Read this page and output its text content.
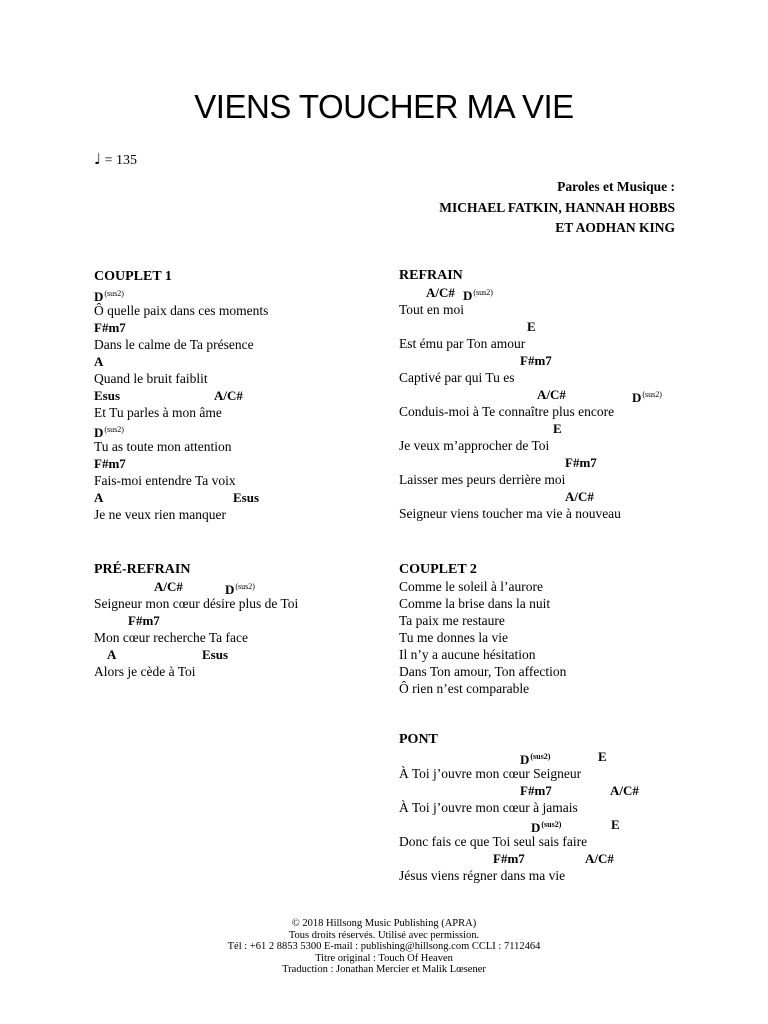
VIENS TOUCHER MA VIE
♩ = 135
Paroles et Musique :
MICHAEL FATKIN, HANNAH HOBBS
ET AODHAN KING
COUPLET 1
$D^{(sus2)}$
Ô quelle paix dans ces moments
F#m7
Dans le calme de Ta présence
A
Quand le bruit faiblit
Esus	A/C#
Et Tu parles à mon âme
$D^{(sus2)}$
Tu as toute mon attention
F#m7
Fais-moi entendre Ta voix
A	Esus
Je ne veux rien manquer
PRÉ-REFRAIN
A/C#	$D^{(sus2)}$
Seigneur mon cœur désire plus de Toi
F#m7
Mon cœur recherche Ta face
A	Esus
Alors je cède à Toi
REFRAIN
A/C# $D^{(sus2)}$
Tout en moi
E
Est ému par Ton amour
F#m7
Captivé par qui Tu es
A/C#	$D^{(sus2)}$
Conduis-moi à Te connaître plus encore
E
Je veux m’approcher de Toi
F#m7
Laisser mes peurs derrière moi
A/C#
Seigneur viens toucher ma vie à nouveau
COUPLET 2
Comme le soleil à l’aurore
Comme la brise dans la nuit
Ta paix me restaure
Tu me donnes la vie
Il n’y a aucune hésitation
Dans Ton amour, Ton affection
Ô rien n’est comparable
PONT
$D^{(sus2)}$	E
À Toi j’ouvre mon cœur Seigneur
F#m7	A/C#
À Toi j’ouvre mon cœur à jamais
$D^{(sus2)}$	E
Donc fais ce que Toi seul sais faire
F#m7	A/C#
Jésus viens régner dans ma vie
© 2018 Hillsong Music Publishing (APRA)
Tous droits réservés. Utilisé avec permission.
Tél : +61 2 8853 5300 E-mail : publishing@hillsong.com CCLI : 7112464
Titre original : Touch Of Heaven
Traduction : Jonathan Mercier et Malik Lœsener
